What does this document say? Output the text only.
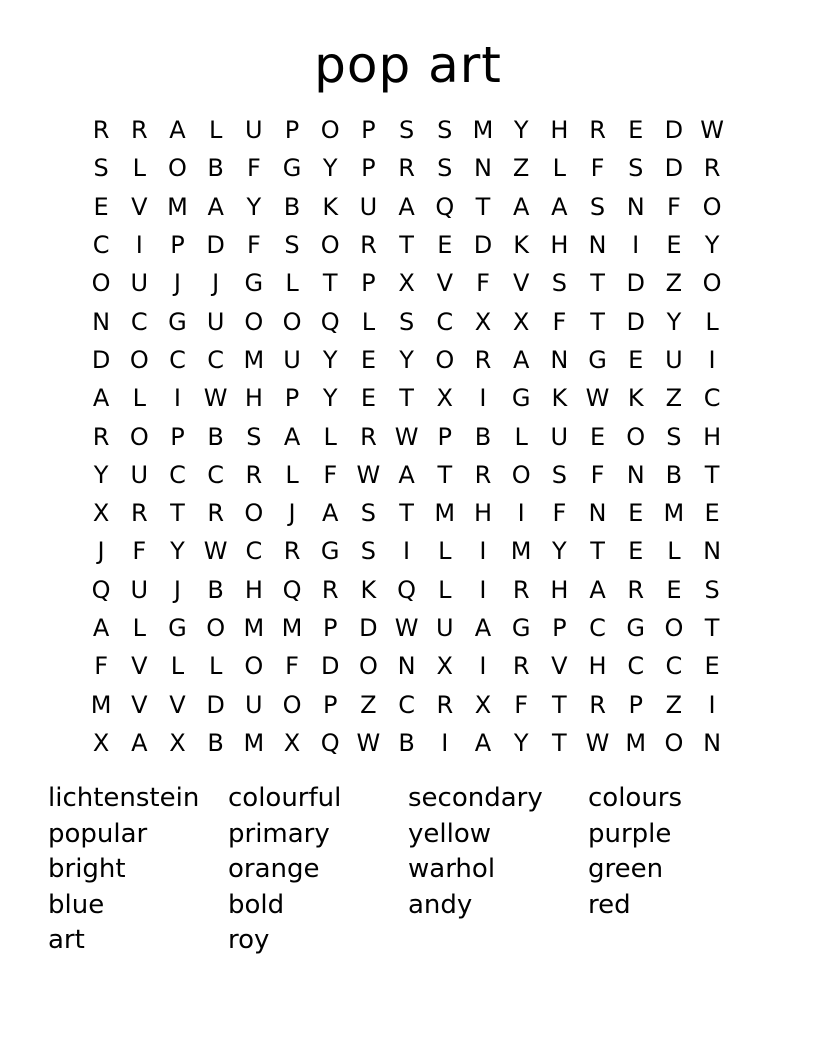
pop art
R R A L U P O P S S M Y H R E D W
S L O B F G Y P R S N Z L	F S D R
E V M A Y B K U A Q T A A S N F O
C	I	P D F S O R T E D K H N	I	E Y
O U	J	J	G L	T P X V F V S T D Z O
N C G U O O Q L S C X X F T D Y	L
D O C C M U Y E Y O R A N G E U	I
A L	I W H P Y E T X	I	G K W K Z C
R O P B S A L R W P B L U E O S H
Y U C C R L	F W A T R O S F N B T
X R T R O	J	A S T M H	I	F N E M E
J	F Y W C R G S	I	L	I	M Y T E L N
Q U	J	B H Q R K Q L	I	R H A R E S
A L G O M M P D W U A G P C G O T
F V L	L O F D O N X	I	R V H C C E
M V V D U O P Z C R X F T R P Z	I
X A X B M X Q W B	I	A Y T W M O N
lichtenstein	colourful	secondary	colours
popular	primary	yellow	purple
bright	orange	warhol	green
blue	bold	andy	red
art	roy
